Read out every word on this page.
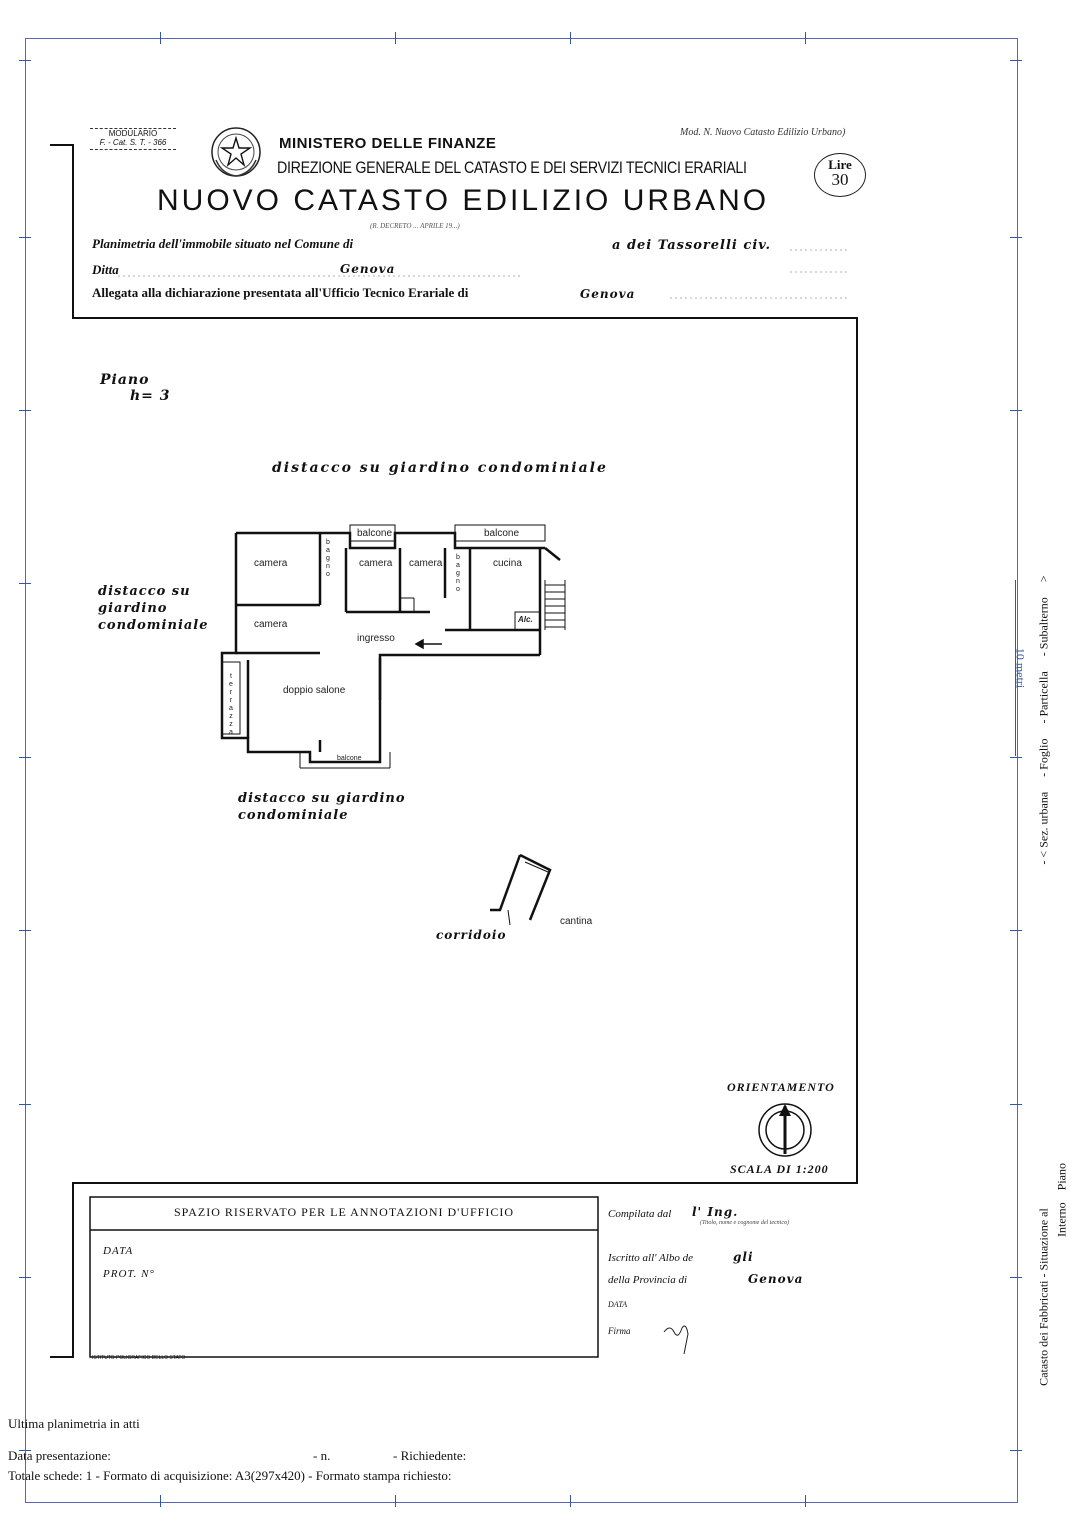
MODULARIO
F. - Cat. S. T. - 366	MINISTERO DELLE FINANZE
DIREZIONE GENERALE DEL CATASTO E DEI SERVIZI TECNICI ERARIALI
NUOVO CATASTO EDILIZIO URBANO
Mod. N. Nuovo Catasto Edilizio Urbano)
Lire
30
(R. DECRETO ... APRILE 19...)
Planimetria dell'immobile situato nel Comune di	a dei Tassorelli civ.
Ditta	Genova
Allegata alla dichiarazione presentata all'Ufficio Tecnico Erariale di	Genova
Piano
h= 3
distacco su giardino condominiale
distacco su
giardino
condominiale
distacco su giardino
condominiale
corridoio
cantina
balcone	balcone
camera	camera camera	cucina
camera
ingresso
doppio salone
balcone
Alc.
b
a
g
n
o
b
a
g
n
o
t
e
r
r
a
z
z
a
ORIENTAMENTO
SCALA DI 1:200
SPAZIO RISERVATO PER LE ANNOTAZIONI D'UFFICIO
DATA
PROT. N°
ISTITUTO POLIGRAFICO DELLO STATO
Compilata dal l' Ing.
(Titolo, nome e cognome del tecnico)
Iscritto all' Albo de	gli
della Provincia di	Genova
DATA
Firma
10 metri - < Sez. urbana     - Foglio     - Particella     - Subalterno     >
Catasto dei Fabbricati - Situazione al
Interno    Piano
Ultima planimetria in atti
Data presentazione:	- n.	- Richiedente:
Totale schede: 1 - Formato di acquisizione: A3(297x420) - Formato stampa richiesto:
